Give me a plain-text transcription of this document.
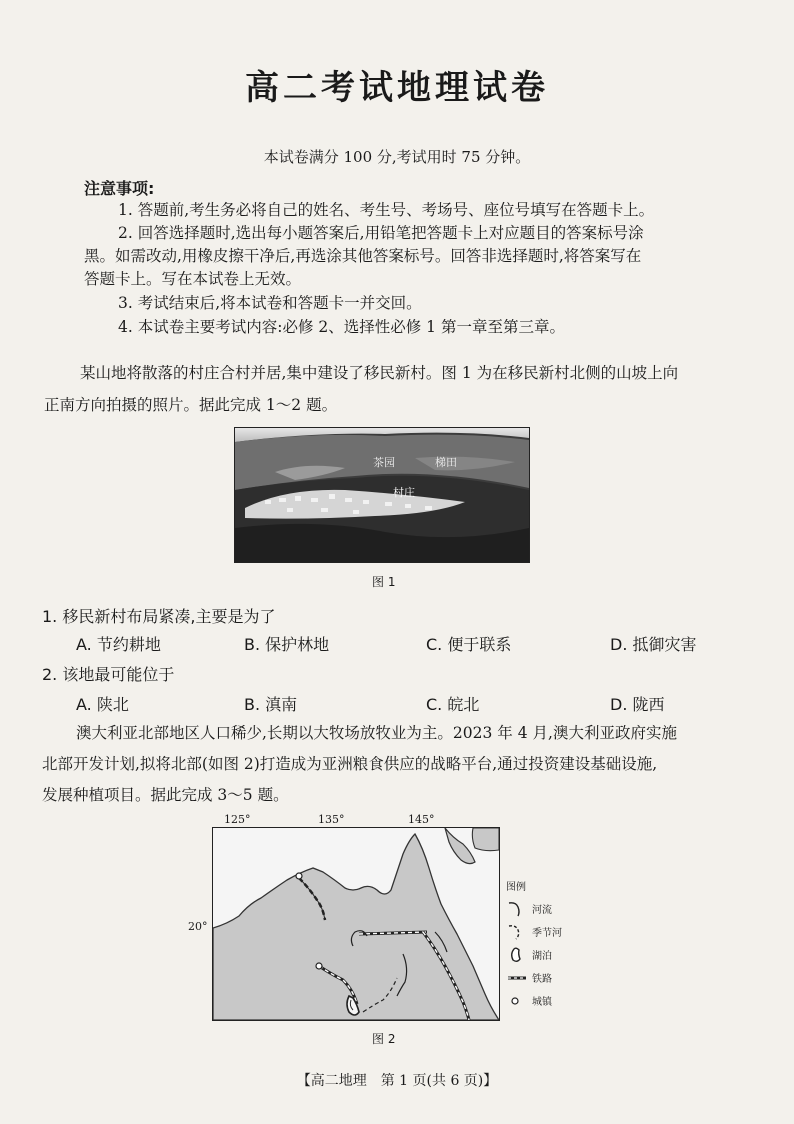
高二考试地理试卷
本试卷满分 100 分,考试用时 75 分钟。
注意事项:
1. 答题前,考生务必将自己的姓名、考生号、考场号、座位号填写在答题卡上。
2. 回答选择题时,选出每小题答案后,用铅笔把答题卡上对应题目的答案标号涂
黑。如需改动,用橡皮擦干净后,再选涂其他答案标号。回答非选择题时,将答案写在
答题卡上。写在本试卷上无效。
3. 考试结束后,将本试卷和答题卡一并交回。
4. 本试卷主要考试内容:必修 2、选择性必修 1 第一章至第三章。
某山地将散落的村庄合村并居,集中建设了移民新村。图 1 为在移民新村北侧的山坡上向
正南方向拍摄的照片。据此完成 1～2 题。
茶园	梯田
村庄
图 1
1. 移民新村布局紧凑,主要是为了
A. 节约耕地	B. 保护林地	C. 便于联系	D. 抵御灾害
2. 该地最可能位于
A. 陕北	B. 滇南	C. 皖北	D. 陇西
澳大利亚北部地区人口稀少,长期以大牧场放牧业为主。2023 年 4 月,澳大利亚政府实施
北部开发计划,拟将北部(如图 2)打造成为亚洲粮食供应的战略平台,通过投资建设基础设施,
发展种植项目。据此完成 3～5 题。
125°	135°	145°
20°
图例
河流
季节河
湖泊
铁路
城镇
图 2
【高二地理　第 1 页(共 6 页)】
